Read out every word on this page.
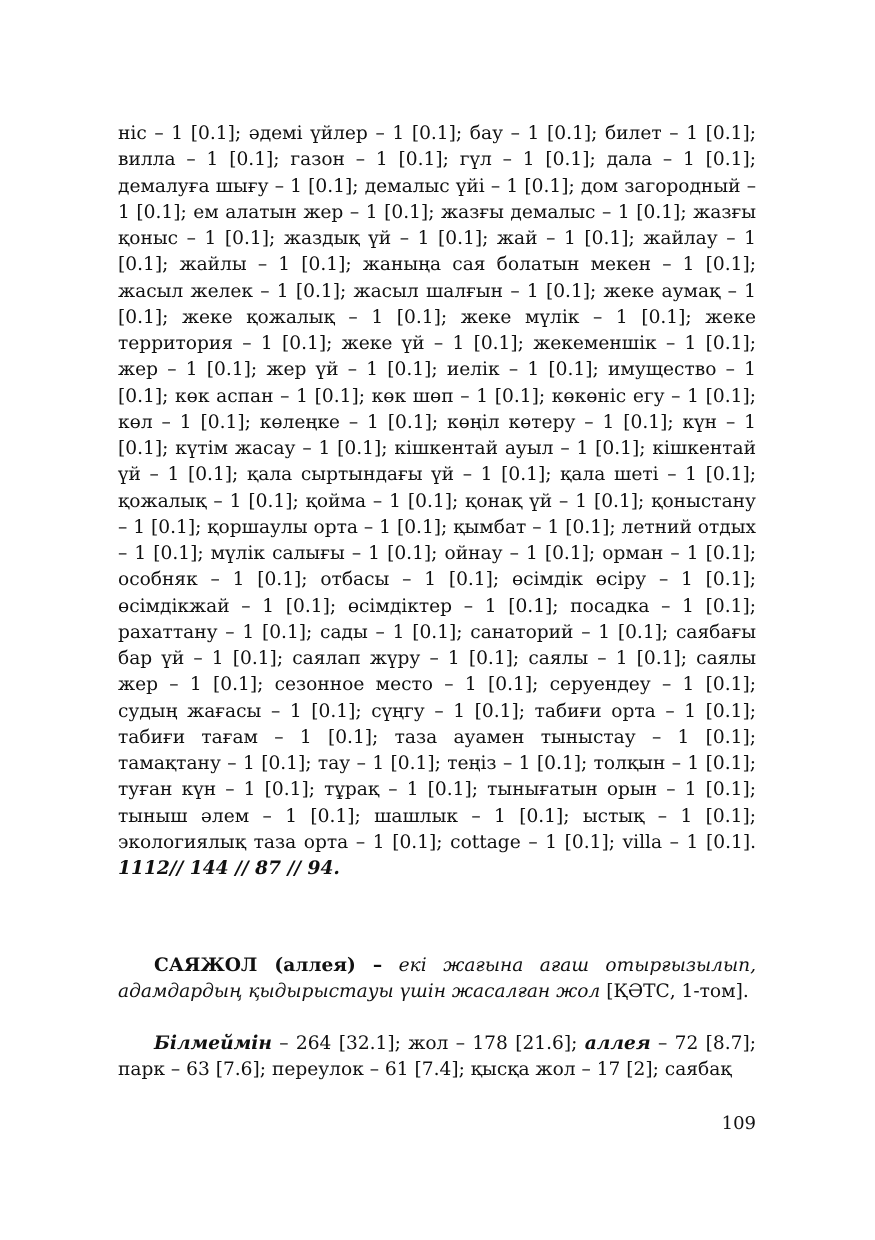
ніс – 1 [0.1]; әдемі үйлер – 1 [0.1]; бау – 1 [0.1]; билет – 1 [0.1]; вилла – 1 [0.1]; газон – 1 [0.1]; гүл – 1 [0.1]; дала – 1 [0.1]; демалуға шығу – 1 [0.1]; демалыс үйі – 1 [0.1]; дом загородный – 1 [0.1]; ем алатын жер – 1 [0.1]; жазғы демалыс – 1 [0.1]; жазғы қоныс – 1 [0.1]; жаздық үй – 1 [0.1]; жай – 1 [0.1]; жайлау – 1 [0.1]; жайлы – 1 [0.1]; жаныңа сая болатын мекен – 1 [0.1]; жасыл желек – 1 [0.1]; жасыл шалғын – 1 [0.1]; жеке аумақ – 1 [0.1]; жеке қожалық – 1 [0.1]; жеке мүлік – 1 [0.1]; жеке территория – 1 [0.1]; жеке үй – 1 [0.1]; жекеменшік – 1 [0.1]; жер – 1 [0.1]; жер үй – 1 [0.1]; иелік – 1 [0.1]; имущество – 1 [0.1]; көк аспан – 1 [0.1]; көк шөп – 1 [0.1]; көкөніс егу – 1 [0.1]; көл – 1 [0.1]; көлеңке – 1 [0.1]; көңіл көтеру – 1 [0.1]; күн – 1 [0.1]; күтім жасау – 1 [0.1]; кішкентай ауыл – 1 [0.1]; кішкентай үй – 1 [0.1]; қала сыртындағы үй – 1 [0.1]; қала шеті – 1 [0.1]; қожалық – 1 [0.1]; қойма – 1 [0.1]; қонақ үй – 1 [0.1]; қоныстану – 1 [0.1]; қоршаулы орта – 1 [0.1]; қымбат – 1 [0.1]; летний отдых – 1 [0.1]; мүлік салығы – 1 [0.1]; ойнау – 1 [0.1]; орман – 1 [0.1]; особняк – 1 [0.1]; отбасы – 1 [0.1]; өсімдік өсіру – 1 [0.1]; өсімдікжай – 1 [0.1]; өсімдіктер – 1 [0.1]; посадка – 1 [0.1]; рахаттану – 1 [0.1]; сады – 1 [0.1]; санаторий – 1 [0.1]; саябағы бар үй – 1 [0.1]; саялап жүру – 1 [0.1]; саялы – 1 [0.1]; саялы жер – 1 [0.1]; сезонное место – 1 [0.1]; серуендеу – 1 [0.1]; судың жағасы – 1 [0.1]; сүңгу – 1 [0.1]; табиғи орта – 1 [0.1]; табиғи тағам – 1 [0.1]; таза ауамен тыныстау – 1 [0.1]; тамақтану – 1 [0.1]; тау – 1 [0.1]; теңіз – 1 [0.1]; толқын – 1 [0.1]; туған күн – 1 [0.1]; тұрақ – 1 [0.1]; тынығатын орын – 1 [0.1]; тыныш әлем – 1 [0.1]; шашлык – 1 [0.1]; ыстық – 1 [0.1]; экологиялық таза орта – 1 [0.1]; cottage – 1 [0.1]; villa – 1 [0.1]. 1112// 144 // 87 // 94.

САЯЖОЛ (аллея) – екі жағына ағаш отырғызылып, адамдардың қыдырыстауы үшін жасалған жол [ҚӘТС, 1-том].

Білмеймін – 264 [32.1]; жол – 178 [21.6]; аллея – 72 [8.7]; парк – 63 [7.6]; переулок – 61 [7.4]; қысқа жол – 17 [2]; саябақ

109
